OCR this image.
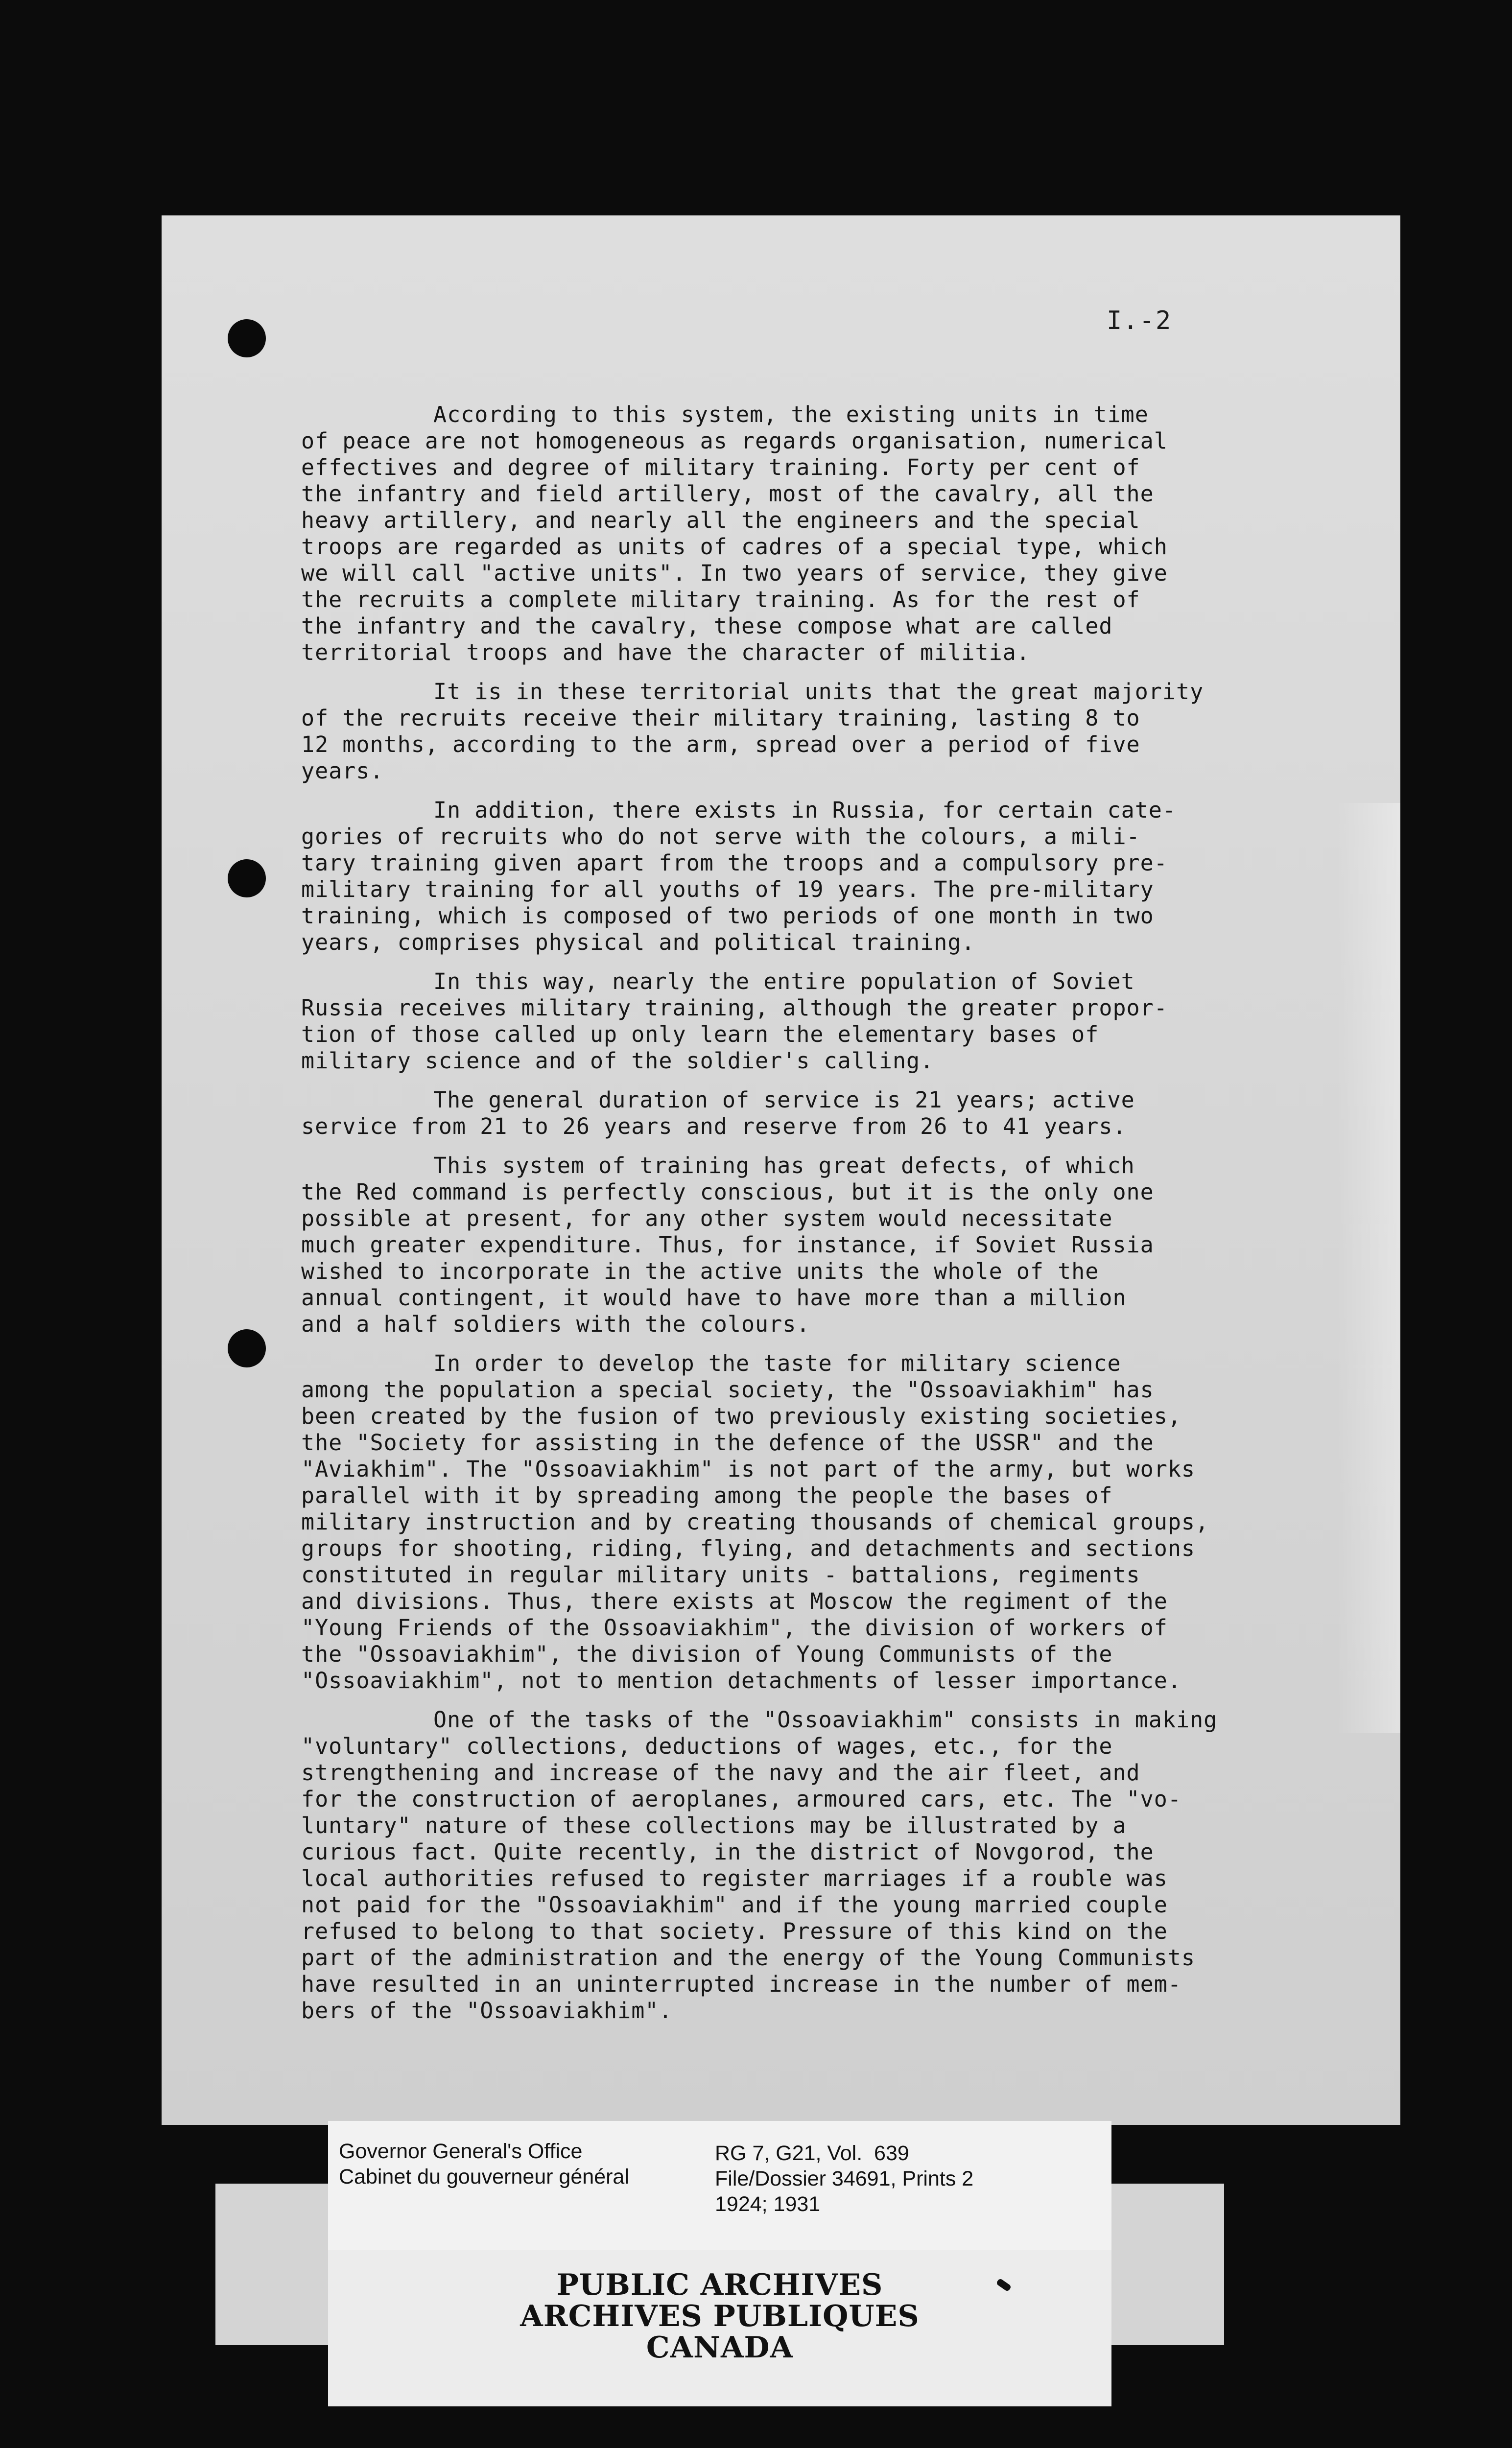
I.-2

According to this system, the existing units in time
of peace are not homogeneous as regards organisation, numerical
effectives and degree of military training. Forty per cent of
the infantry and field artillery, most of the cavalry, all the
heavy artillery, and nearly all the engineers and the special
troops are regarded as units of cadres of a special type, which
we will call "active units". In two years of service, they give
the recruits a complete military training. As for the rest of
the infantry and the cavalry, these compose what are called
territorial troops and have the character of militia.

It is in these territorial units that the great majority
of the recruits receive their military training, lasting 8 to
12 months, according to the arm, spread over a period of five
years.

In addition, there exists in Russia, for certain cate-
gories of recruits who do not serve with the colours, a mili-
tary training given apart from the troops and a compulsory pre-
military training for all youths of 19 years. The pre-military
training, which is composed of two periods of one month in two
years, comprises physical and political training.

In this way, nearly the entire population of Soviet
Russia receives military training, although the greater propor-
tion of those called up only learn the elementary bases of
military science and of the soldier's calling.

The general duration of service is 21 years; active
service from 21 to 26 years and reserve from 26 to 41 years.

This system of training has great defects, of which
the Red command is perfectly conscious, but it is the only one
possible at present, for any other system would necessitate
much greater expenditure. Thus, for instance, if Soviet Russia
wished to incorporate in the active units the whole of the
annual contingent, it would have to have more than a million
and a half soldiers with the colours.

In order to develop the taste for military science
among the population a special society, the "Ossoaviakhim" has
been created by the fusion of two previously existing societies,
the "Society for assisting in the defence of the USSR" and the
"Aviakhim". The "Ossoaviakhim" is not part of the army, but works
parallel with it by spreading among the people the bases of
military instruction and by creating thousands of chemical groups,
groups for shooting, riding, flying, and detachments and sections
constituted in regular military units - battalions, regiments
and divisions. Thus, there exists at Moscow the regiment of the
"Young Friends of the Ossoaviakhim", the division of workers of
the "Ossoaviakhim", the division of Young Communists of the
"Ossoaviakhim", not to mention detachments of lesser importance.

One of the tasks of the "Ossoaviakhim" consists in making
"voluntary" collections, deductions of wages, etc., for the
strengthening and increase of the navy and the air fleet, and
for the construction of aeroplanes, armoured cars, etc. The "vo-
luntary" nature of these collections may be illustrated by a
curious fact. Quite recently, in the district of Novgorod, the
local authorities refused to register marriages if a rouble was
not paid for the "Ossoaviakhim" and if the young married couple
refused to belong to that society. Pressure of this kind on the
part of the administration and the energy of the Young Communists
have resulted in an uninterrupted increase in the number of mem-
bers of the "Ossoaviakhim".

Governor General's Office
Cabinet du gouverneur général
RG 7, G21, Vol.  639
File/Dossier 34691, Prints 2
1924; 1931
PUBLIC ARCHIVES
ARCHIVES PUBLIQUES
CANADA
